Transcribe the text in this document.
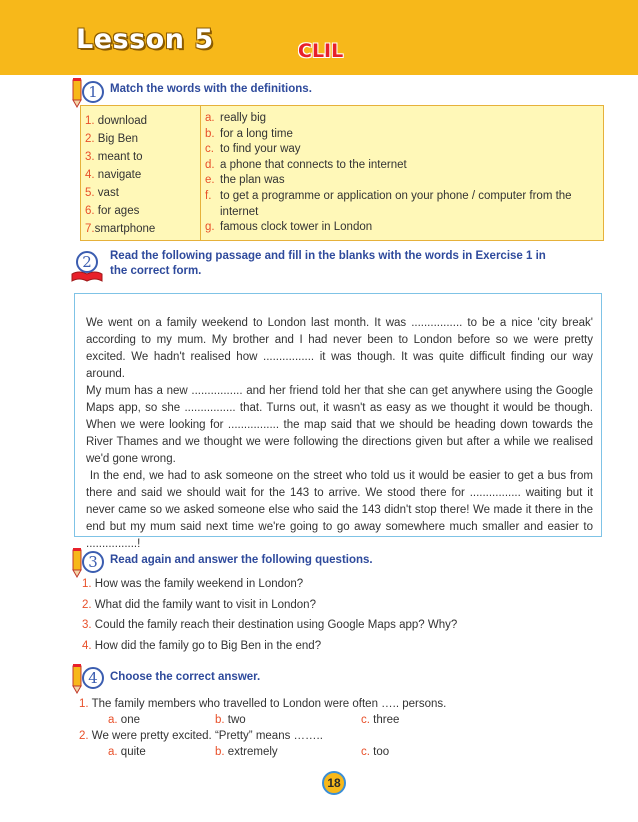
Lesson 5	CLIL
1	Match the words with the definitions.
1. download
2. Big Ben
3. meant to
4. navigate
5. vast
6. for ages
7.smartphone
a. really big
b. for a long time
c. to find your way
d. a phone that connects to the internet
e. the plan was
f. to get a programme or application on your phone / computer from the internet
g. famous clock tower in London
2	Read the following passage and fill in the blanks with the words in Exercise 1 in
the correct form.

We went on a family weekend to London last month. It was ................ to be a nice 'city break' according to my mum. My brother and I had never been to London before so we were pretty excited. We hadn't realised how ................ it was though. It was quite difficult finding our way around.

My mum has a new ................ and her friend told her that she can get anywhere using the Google Maps app, so she ................ that. Turns out, it wasn't as easy as we thought it would be though. When we were looking for ................ the map said that we should be heading down towards the River Thames and we thought we were following the directions given but after a while we realised we'd gone wrong.

In the end, we had to ask someone on the street who told us it would be easier to get a bus from there and said we should wait for the 143 to arrive. We stood there for ................ waiting but it never came so we asked someone else who said the 143 didn't stop there! We made it there in the end but my mum said next time we're going to go away somewhere much smaller and easier to ................!

3	Read again and answer the following questions.
1. How was the family weekend in London?
2. What did the family want to visit in London?
3. Could the family reach their destination using Google Maps app? Why?
4. How did the family go to Big Ben in the end?
4	Choose the correct answer.
1. The family members who travelled to London were often ….. persons.
a. one	b. two	c. three
2. We were pretty excited. “Pretty” means ……..
a. quite	b. extremely	c. too
18
